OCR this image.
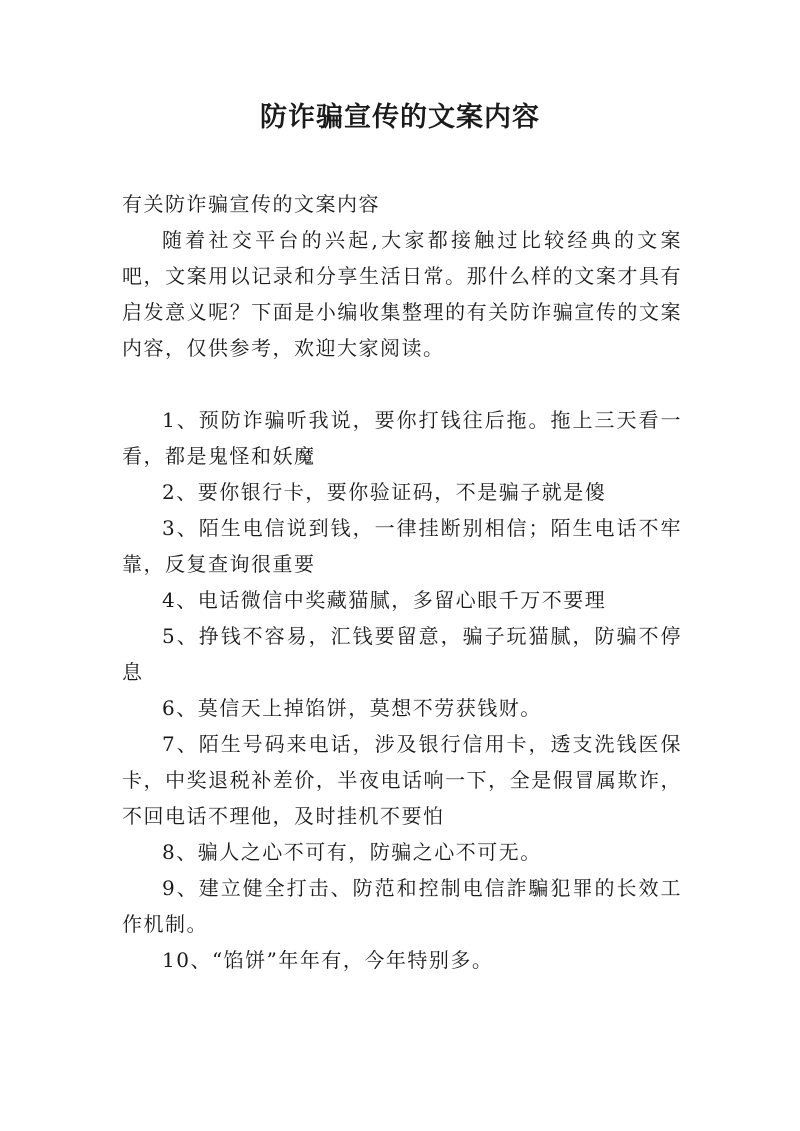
防诈骗宣传的文案内容

有关防诈骗宣传的文案内容

随着社交平台的兴起,大家都接触过比较经典的文案吧，文案用以记录和分享生活日常。那什么样的文案才具有启发意义呢？下面是小编收集整理的有关防诈骗宣传的文案内容，仅供参考，欢迎大家阅读。

1、预防诈骗听我说，要你打钱往后拖。拖上三天看一看，都是鬼怪和妖魔

2、要你银行卡，要你验证码，不是骗子就是傻

3、陌生电信说到钱，一律挂断别相信；陌生电话不牢靠，反复查询很重要

4、电话微信中奖藏猫腻，多留心眼千万不要理

5、挣钱不容易，汇钱要留意，骗子玩猫腻，防骗不停息

6、莫信天上掉馅饼，莫想不劳获钱财。

7、陌生号码来电话，涉及银行信用卡，透支洗钱医保卡，中奖退税补差价，半夜电话响一下，全是假冒属欺诈，不回电话不理他，及时挂机不要怕

8、骗人之心不可有，防骗之心不可无。

9、建立健全打击、防范和控制电信詐騙犯罪的长效工作机制。

10、“馅饼”年年有，今年特别多。
